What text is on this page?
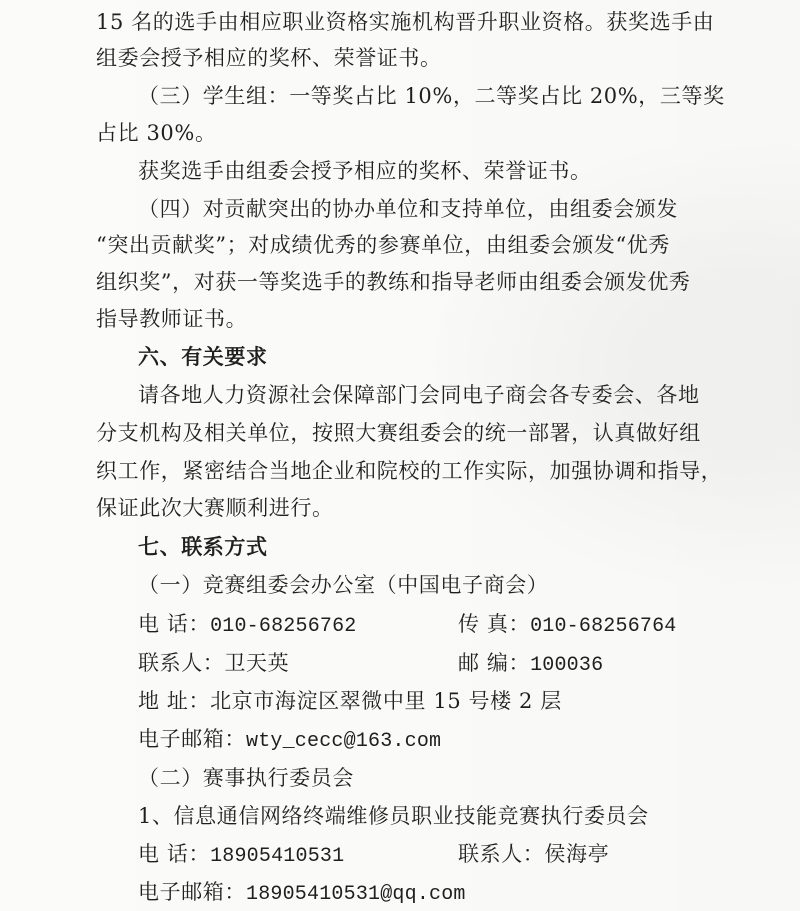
15 名的选手由相应职业资格实施机构晋升职业资格。获奖选手由
组委会授予相应的奖杯、荣誉证书。
（三）学生组：一等奖占比 10%，二等奖占比 20%，三等奖
占比 30%。
获奖选手由组委会授予相应的奖杯、荣誉证书。
（四）对贡献突出的协办单位和支持单位，由组委会颁发
“突出贡献奖”；对成绩优秀的参赛单位，由组委会颁发“优秀
组织奖”，对获一等奖选手的教练和指导老师由组委会颁发优秀
指导教师证书。
六、有关要求
请各地人力资源社会保障部门会同电子商会各专委会、各地
分支机构及相关单位，按照大赛组委会的统一部署，认真做好组
织工作，紧密结合当地企业和院校的工作实际，加强协调和指导，
保证此次大赛顺利进行。
七、联系方式
（一）竞赛组委会办公室（中国电子商会）
电 话：010-68256762	传 真：010-68256764
联系人：卫天英	邮 编：100036
地 址：北京市海淀区翠微中里 15 号楼 2 层
电子邮箱：wty_cecc@163.com
（二）赛事执行委员会
1、信息通信网络终端维修员职业技能竞赛执行委员会
电 话：18905410531	联系人：侯海亭
电子邮箱：18905410531@qq.com
